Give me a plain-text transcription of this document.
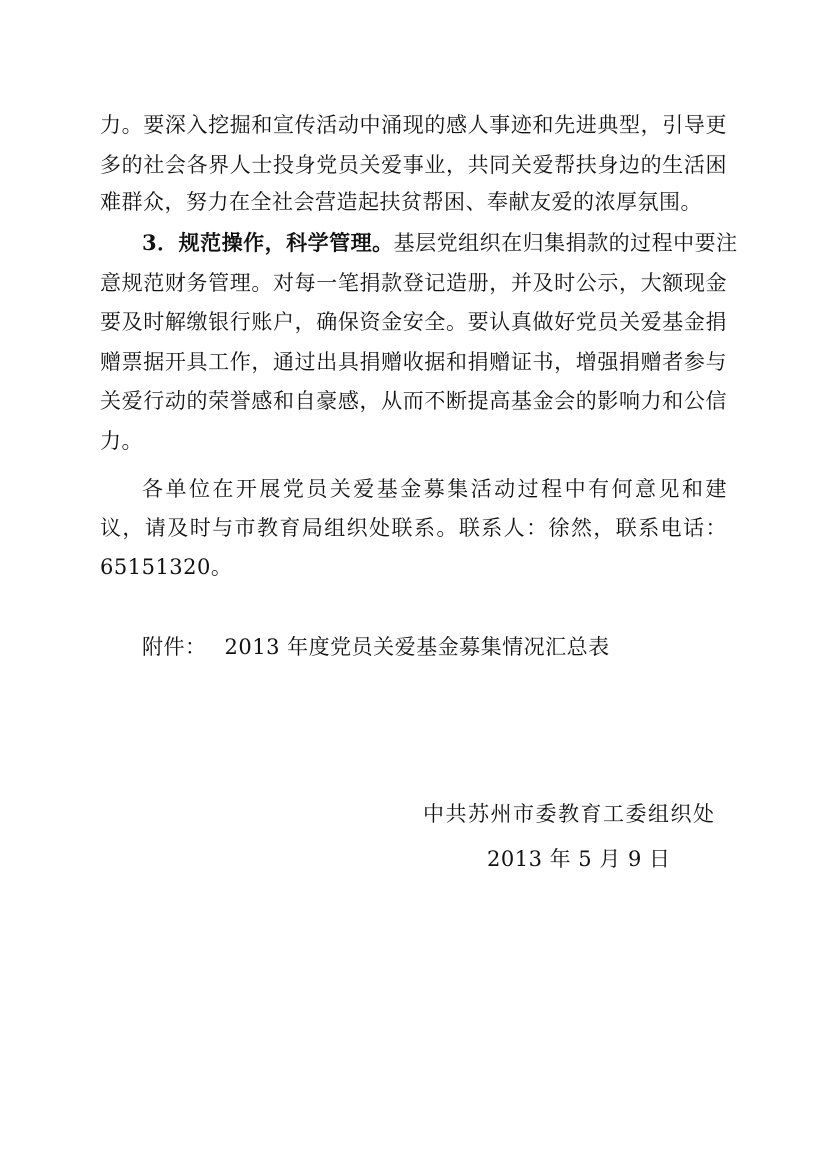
力。要深入挖掘和宣传活动中涌现的感人事迹和先进典型，引导更
多的社会各界人士投身党员关爱事业，共同关爱帮扶身边的生活困
难群众，努力在全社会营造起扶贫帮困、奉献友爱的浓厚氛围。
3．规范操作，科学管理。基层党组织在归集捐款的过程中要注
意规范财务管理。对每一笔捐款登记造册，并及时公示，大额现金
要及时解缴银行账户，确保资金安全。要认真做好党员关爱基金捐
赠票据开具工作，通过出具捐赠收据和捐赠证书，增强捐赠者参与
关爱行动的荣誉感和自豪感，从而不断提高基金会的影响力和公信
力。
各单位在开展党员关爱基金募集活动过程中有何意见和建
议，请及时与市教育局组织处联系。联系人：徐然，联系电话：
65151320。
附件： 2013 年度党员关爱基金募集情况汇总表
中共苏州市委教育工委组织处
2013 年 5 月 9 日
